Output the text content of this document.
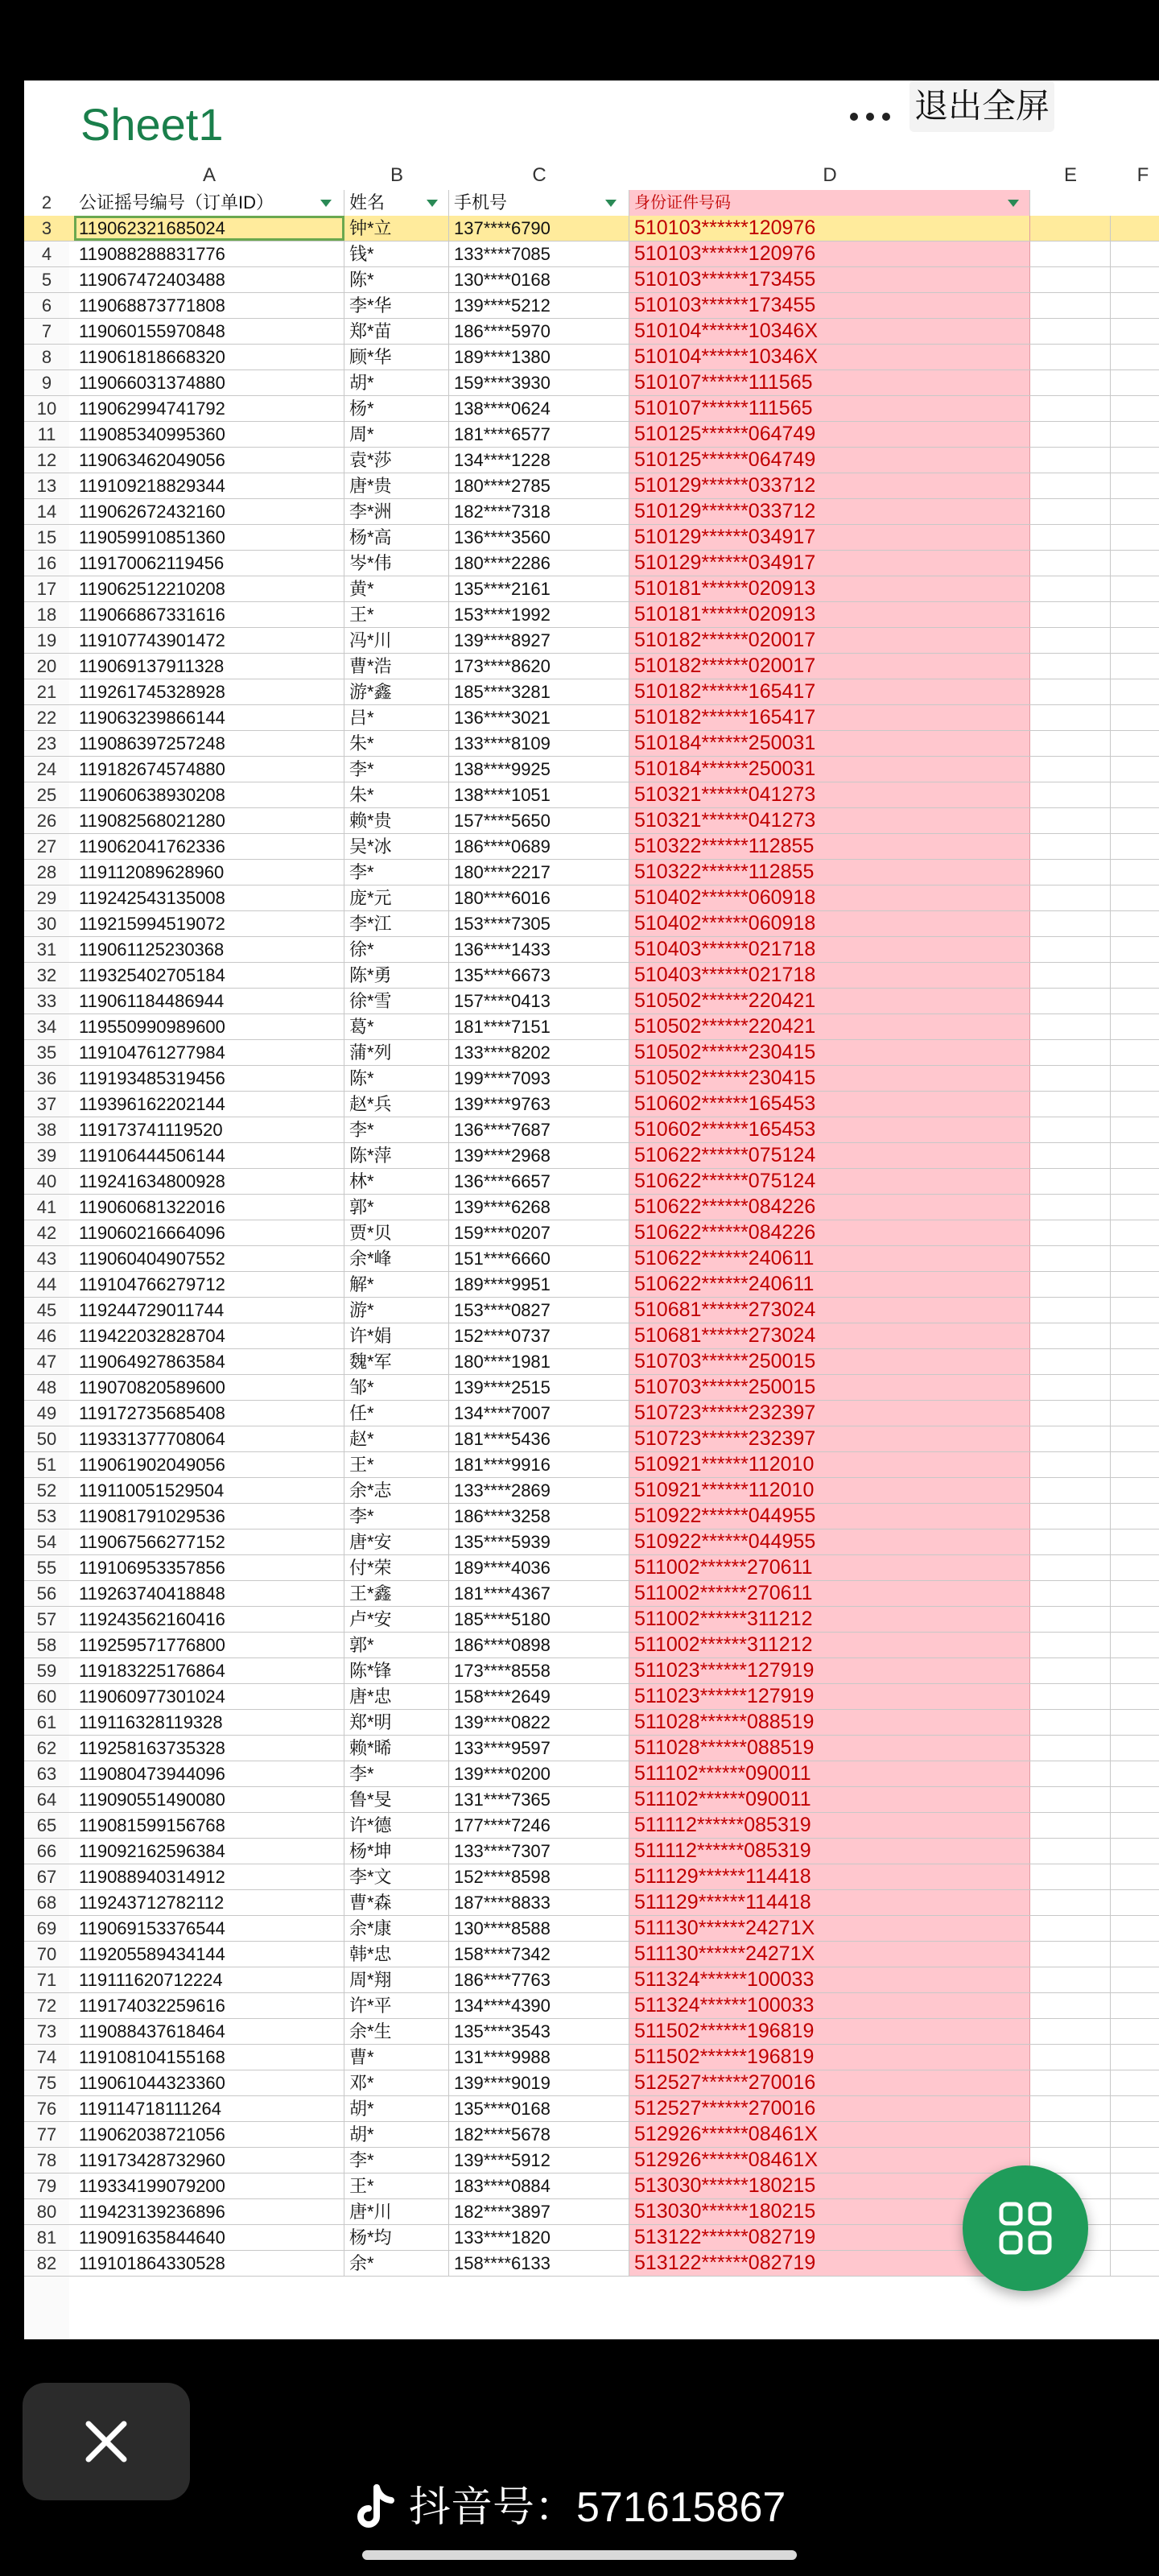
Sheet1	退出全屏
A	B	C	D	E	F
2	公证摇号编号（订单ID）	姓名	手机号	身份证件号码
3	119062321685024	钟*立	137****6790	510103******120976
4	119088288831776	钱*	133****7085	510103******120976
5	119067472403488	陈*	130****0168	510103******173455
6	119068873771808	李*华	139****5212	510103******173455
7	119060155970848	郑*苗	186****5970	510104******10346X
8	119061818668320	顾*华	189****1380	510104******10346X
9	119066031374880	胡*	159****3930	510107******111565
10	119062994741792	杨*	138****0624	510107******111565
11	119085340995360	周*	181****6577	510125******064749
12	119063462049056	袁*莎	134****1228	510125******064749
13	119109218829344	唐*贵	180****2785	510129******033712
14	119062672432160	李*洲	182****7318	510129******033712
15	119059910851360	杨*高	136****3560	510129******034917
16	119170062119456	岑*伟	180****2286	510129******034917
17	119062512210208	黄*	135****2161	510181******020913
18	119066867331616	王*	153****1992	510181******020913
19	119107743901472	冯*川	139****8927	510182******020017
20	119069137911328	曹*浩	173****8620	510182******020017
21	119261745328928	游*鑫	185****3281	510182******165417
22	119063239866144	吕*	136****3021	510182******165417
23	119086397257248	朱*	133****8109	510184******250031
24	119182674574880	李*	138****9925	510184******250031
25	119060638930208	朱*	138****1051	510321******041273
26	119082568021280	赖*贵	157****5650	510321******041273
27	119062041762336	吴*冰	186****0689	510322******112855
28	119112089628960	李*	180****2217	510322******112855
29	119242543135008	庞*元	180****6016	510402******060918
30	119215994519072	李*江	153****7305	510402******060918
31	119061125230368	徐*	136****1433	510403******021718
32	119325402705184	陈*勇	135****6673	510403******021718
33	119061184486944	徐*雪	157****0413	510502******220421
34	119550990989600	葛*	181****7151	510502******220421
35	119104761277984	蒲*列	133****8202	510502******230415
36	119193485319456	陈*	199****7093	510502******230415
37	119396162202144	赵*兵	139****9763	510602******165453
38	119173741119520	李*	136****7687	510602******165453
39	119106444506144	陈*萍	139****2968	510622******075124
40	119241634800928	林*	136****6657	510622******075124
41	119060681322016	郭*	139****6268	510622******084226
42	119060216664096	贾*贝	159****0207	510622******084226
43	119060404907552	余*峰	151****6660	510622******240611
44	119104766279712	解*	189****9951	510622******240611
45	119244729011744	游*	153****0827	510681******273024
46	119422032828704	许*娟	152****0737	510681******273024
47	119064927863584	魏*军	180****1981	510703******250015
48	119070820589600	邹*	139****2515	510703******250015
49	119172735685408	任*	134****7007	510723******232397
50	119331377708064	赵*	181****5436	510723******232397
51	119061902049056	王*	181****9916	510921******112010
52	119110051529504	余*志	133****2869	510921******112010
53	119081791029536	李*	186****3258	510922******044955
54	119067566277152	唐*安	135****5939	510922******044955
55	119106953357856	付*荣	189****4036	511002******270611
56	119263740418848	王*鑫	181****4367	511002******270611
57	119243562160416	卢*安	185****5180	511002******311212
58	119259571776800	郭*	186****0898	511002******311212
59	119183225176864	陈*锋	173****8558	511023******127919
60	119060977301024	唐*忠	158****2649	511023******127919
61	119116328119328	郑*明	139****0822	511028******088519
62	119258163735328	赖*晞	133****9597	511028******088519
63	119080473944096	李*	139****0200	511102******090011
64	119090551490080	鲁*旻	131****7365	511102******090011
65	119081599156768	许*德	177****7246	511112******085319
66	119092162596384	杨*坤	133****7307	511112******085319
67	119088940314912	李*文	152****8598	511129******114418
68	119243712782112	曹*森	187****8833	511129******114418
69	119069153376544	余*康	130****8588	511130******24271X
70	119205589434144	韩*忠	158****7342	511130******24271X
71	119111620712224	周*翔	186****7763	511324******100033
72	119174032259616	许*平	134****4390	511324******100033
73	119088437618464	余*生	135****3543	511502******196819
74	119108104155168	曹*	131****9988	511502******196819
75	119061044323360	邓*	139****9019	512527******270016
76	119114718111264	胡*	135****0168	512527******270016
77	119062038721056	胡*	182****5678	512926******08461X
78	119173428732960	李*	139****5912	512926******08461X
79	119334199079200	王*	183****0884	513030******180215
80	119423139236896	唐*川	182****3897	513030******180215
81	119091635844640	杨*均	133****1820	513122******082719
82	119101864330528	余*	158****6133	513122******082719
抖音号：571615867
